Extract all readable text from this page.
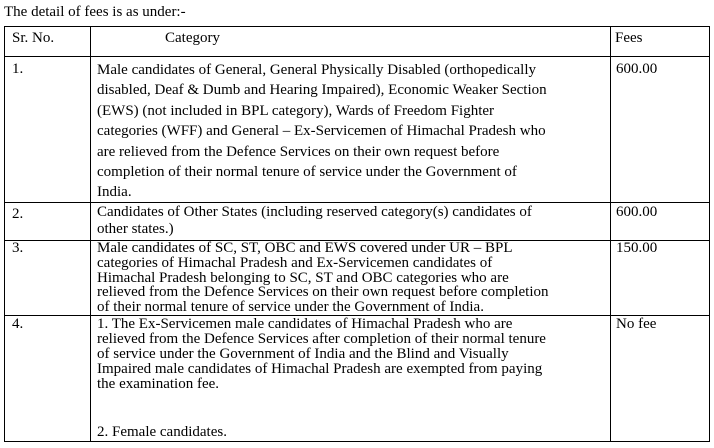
The detail of fees is as under:-
Sr. No.	Category	Fees
1.	Male candidates of General, General Physically Disabled (orthopedically

disabled, Deaf & Dumb and Hearing Impaired), Economic Weaker Section

(EWS) (not included in BPL category), Wards of Freedom Fighter

categories (WFF) and General – Ex-Servicemen of Himachal Pradesh who

are relieved from the Defence Services on their own request before

completion of their normal tenure of service under the Government of

India.

600.00
2.	Candidates of Other States (including reserved category(s) candidates of

other states.)

600.00
3.	Male candidates of SC, ST, OBC and EWS covered under UR – BPL

categories of Himachal Pradesh and Ex-Servicemen candidates of

Himachal Pradesh belonging to SC, ST and OBC categories who are

relieved from the Defence Services on their own request before completion

of their normal tenure of service under the Government of India.

150.00
4.	1. The Ex-Servicemen male candidates of Himachal Pradesh who are

relieved from the Defence Services after completion of their normal tenure

of service under the Government of India and the Blind and Visually

Impaired male candidates of Himachal Pradesh are exempted from paying

the examination fee.

2. Female candidates.

No fee
